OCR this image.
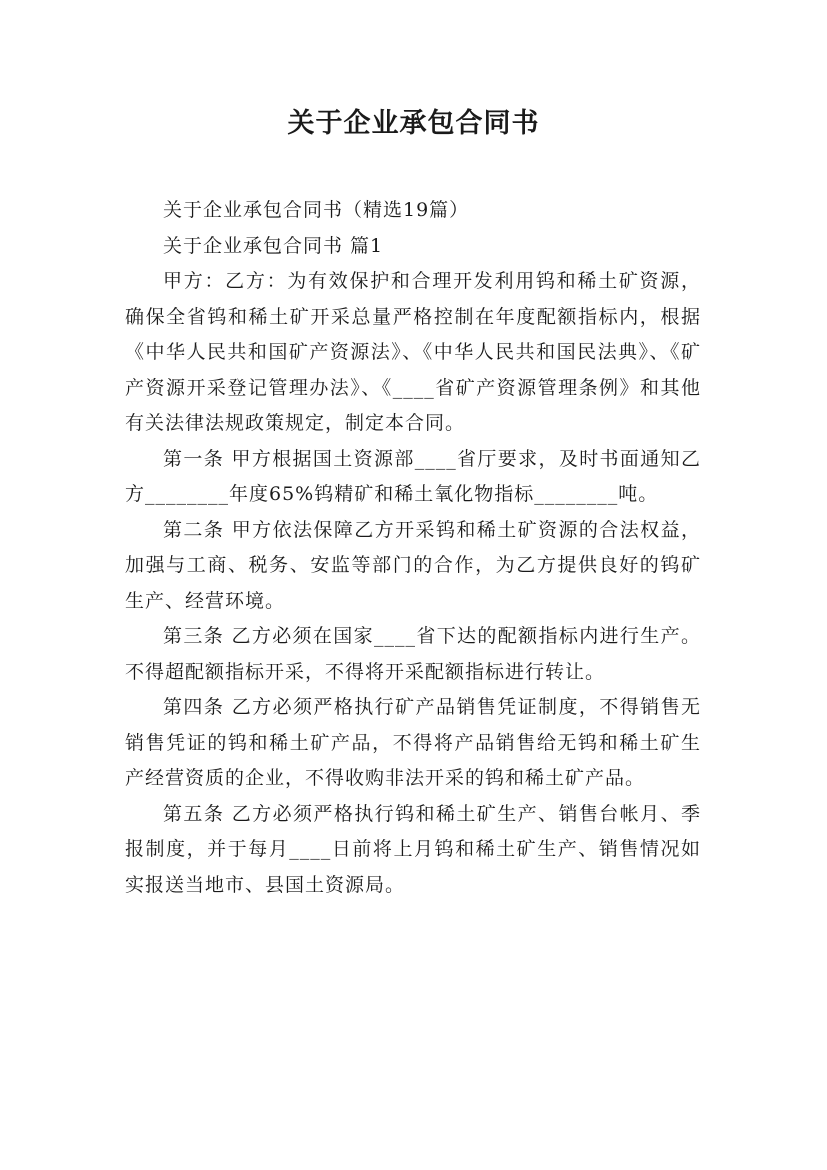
关于企业承包合同书

关于企业承包合同书（精选19篇）

关于企业承包合同书 篇1

甲方：乙方：为有效保护和合理开发利用钨和稀土矿资源，确保全省钨和稀土矿开采总量严格控制在年度配额指标内，根据《中华人民共和国矿产资源法》、《中华人民共和国民法典》、《矿产资源开采登记管理办法》、《____省矿产资源管理条例》和其他有关法律法规政策规定，制定本合同。

第一条 甲方根据国土资源部____省厅要求，及时书面通知乙方________年度65%钨精矿和稀土氧化物指标________吨。

第二条 甲方依法保障乙方开采钨和稀土矿资源的合法权益，加强与工商、税务、安监等部门的合作，为乙方提供良好的钨矿生产、经营环境。

第三条 乙方必须在国家____省下达的配额指标内进行生产。不得超配额指标开采，不得将开采配额指标进行转让。

第四条 乙方必须严格执行矿产品销售凭证制度，不得销售无销售凭证的钨和稀土矿产品，不得将产品销售给无钨和稀土矿生产经营资质的企业，不得收购非法开采的钨和稀土矿产品。

第五条 乙方必须严格执行钨和稀土矿生产、销售台帐月、季报制度，并于每月____日前将上月钨和稀土矿生产、销售情况如实报送当地市、县国土资源局。
